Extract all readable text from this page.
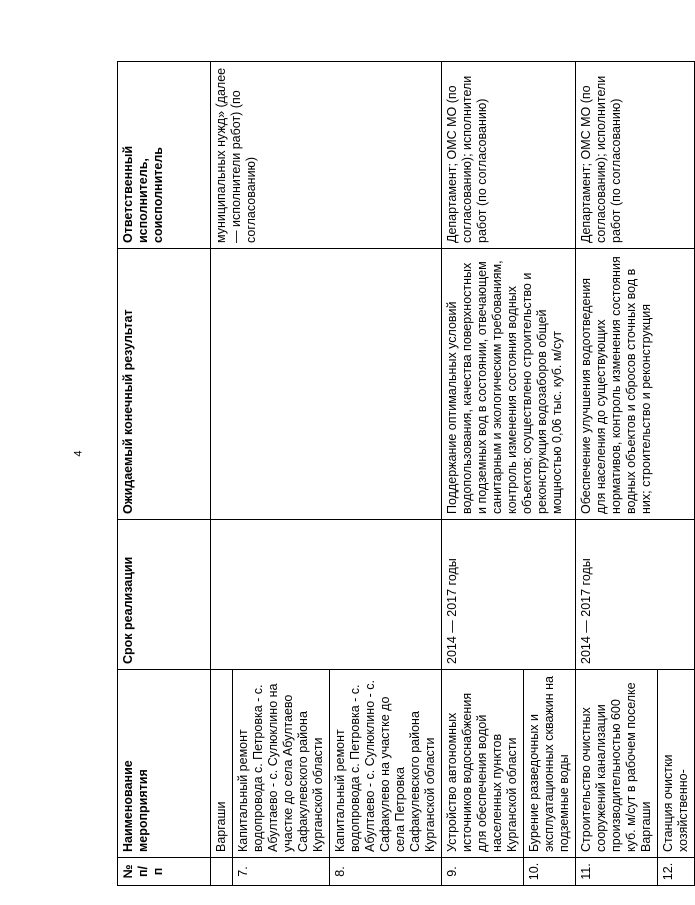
4
№ п/п	Наименование мероприятия	Срок реализации	Ожидаемый конечный результат	Ответственный исполнитель, соисполнитель
	Варгаши			муниципальных нужд» (далее — исполнители работ) (по согласованию)
7.	Капитальный ремонт водопровода с. Петровка - с. Абултаево - с. Сулюклино на участке до села Абултаево Сафакулевского района Курганской области			
8.	Капитальный ремонт водопровода с. Петровка - с. Абултаево - с. Сулюклино - с. Сафакулево на участке до села Петровка Сафакулевского района Курганской области			
9.	Устройство автономных источников водоснабжения для обеспечения водой населенных пунктов Курганской области	2014 — 2017 годы	Поддержание оптимальных условий водопользования, качества поверхностных и подземных вод в состоянии, отвечающем санитарным и экологическим требованиям, контроль изменения состояния водных объектов; осуществлено строительство и реконструкция водозаборов общей мощностью 0,06 тыс. куб. м/сут	Департамент; ОМС МО (по согласованию); исполнители работ (по согласованию)
10.	Бурение разведочных и эксплуатационных скважин на подземные воды			
11.	Строительство очистных сооружений канализации производительностью 600 куб. м/сут в рабочем поселке Варгаши	2014 — 2017 годы	Обеспечение улучшения водоотведения для населения до существующих нормативов, контроль изменения состояния водных объектов и сбросов сточных вод в них; строительство и реконструкция	Департамент; ОМС МО (по согласованию); исполнители работ (по согласованию)
12.	Станция очистки хозяйственно-			
